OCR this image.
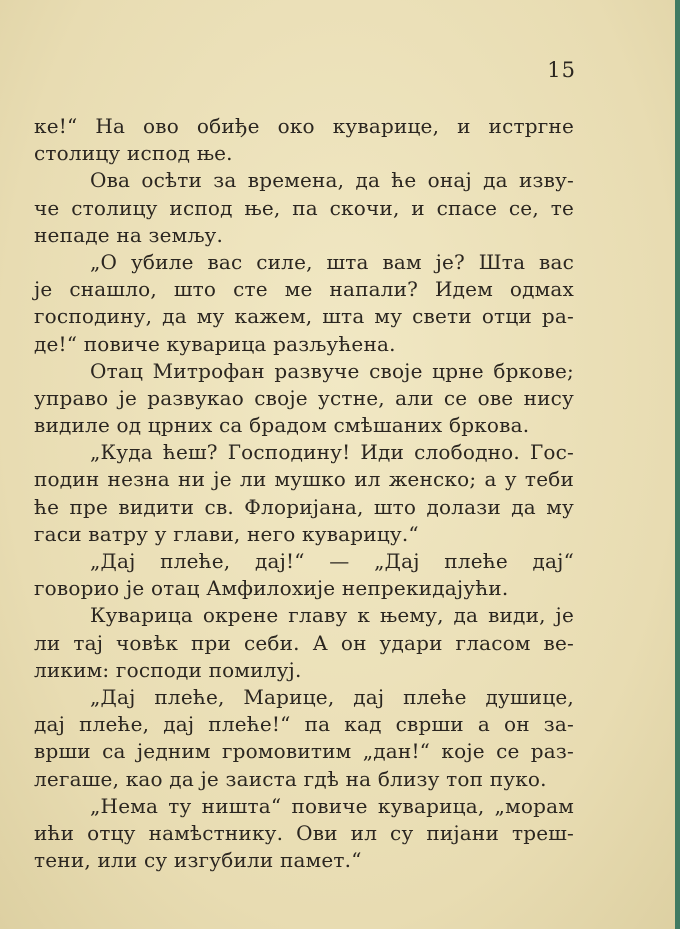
15
ке!“ На ово обиђе око куварице, и истргне
столицу испод ње.
Ова осѣти за времена, да ће онај да изву-
че столицу испод ње, па скочи, и спасе се, те
непаде на земљу.
„О убиле вас силе, шта вам је? Шта вас
је снашло, што сте ме напали? Идем одмах
господину, да му кажем, шта му свети отци ра-
де!“ повиче куварица разљућена.
Отац Митрофан развуче своје црне бркове;
управо је развукао своје устне, али се ове нису
видиле од црних са брадом смѣшаних бркова.
„Куда ћеш? Господину! Иди слободно. Гос-
подин незна ни је ли мушко ил женско; а у теби
ће пре видити св. Флоријана, што долази да му
гаси ватру у глави, него куварицу.“
„Дај плеће, дај!“ — „Дај плеће дај“
говорио је отац Амфилохије непрекидајући.
Куварица окрене главу к њему, да види, је
ли тај човѣк при себи. А он удари гласом ве-
ликим: господи помилуј.
„Дај плеће, Марице, дај плеће душице,
дај плеће, дај плеће!“ па кад сврши а он за-
врши са једним громовитим „дан!“ које се раз-
легаше, као да је заиста гдѣ на близу топ пуко.
„Нема ту ништа“ повиче куварица, „морам
ићи отцу намѣстнику. Ови ил су пијани трeш-
тени, или су изгубили памет.“
